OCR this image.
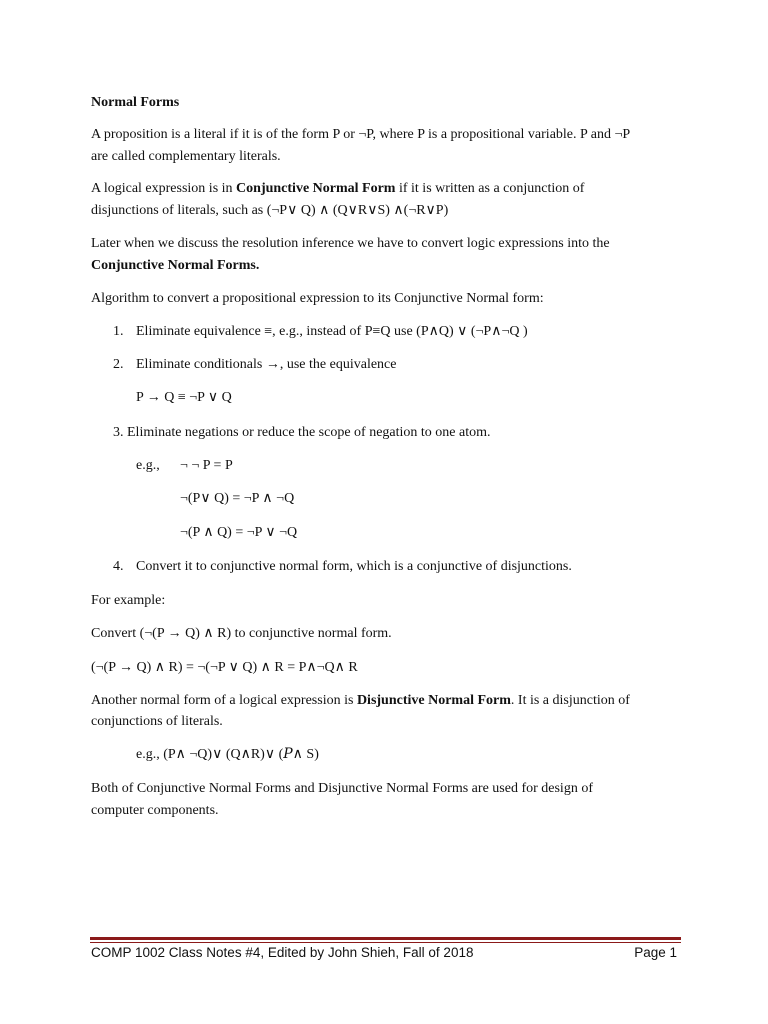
Normal Forms
A proposition is a literal if it is of the form P or ¬P, where P is a propositional variable. P and ¬P
are called complementary literals.
A logical expression is in Conjunctive Normal Form if it is written as a conjunction of
disjunctions of literals, such as (¬P∨ Q) ∧ (Q∨R∨S) ∧(¬R∨P)
Later when we discuss the resolution inference we have to convert logic expressions into the
Conjunctive Normal Forms.
Algorithm to convert a propositional expression to its Conjunctive Normal form:
1. Eliminate equivalence ≡, e.g., instead of P≡Q use (P∧Q) ∨ (¬P∧¬Q )
2. Eliminate conditionals →, use the equivalence
P → Q ≡ ¬P ∨ Q
3. Eliminate negations or reduce the scope of negation to one atom.
e.g., ¬ ¬ P = P
¬(P∨ Q) = ¬P ∧ ¬Q
¬(P ∧ Q) = ¬P ∨ ¬Q
4. Convert it to conjunctive normal form, which is a conjunctive of disjunctions.
For example:
Convert (¬(P → Q) ∧ R) to conjunctive normal form.
(¬(P → Q) ∧ R) = ¬(¬P ∨ Q) ∧ R = P∧¬Q∧ R
Another normal form of a logical expression is Disjunctive Normal Form. It is a disjunction of
conjunctions of literals.
e.g., (P∧ ¬Q)∨ (Q∧R)∨ (𝑃∧ S)
Both of Conjunctive Normal Forms and Disjunctive Normal Forms are used for design of
computer components.
COMP 1002 Class Notes #4, Edited by John Shieh, Fall of 2018	Page 1
